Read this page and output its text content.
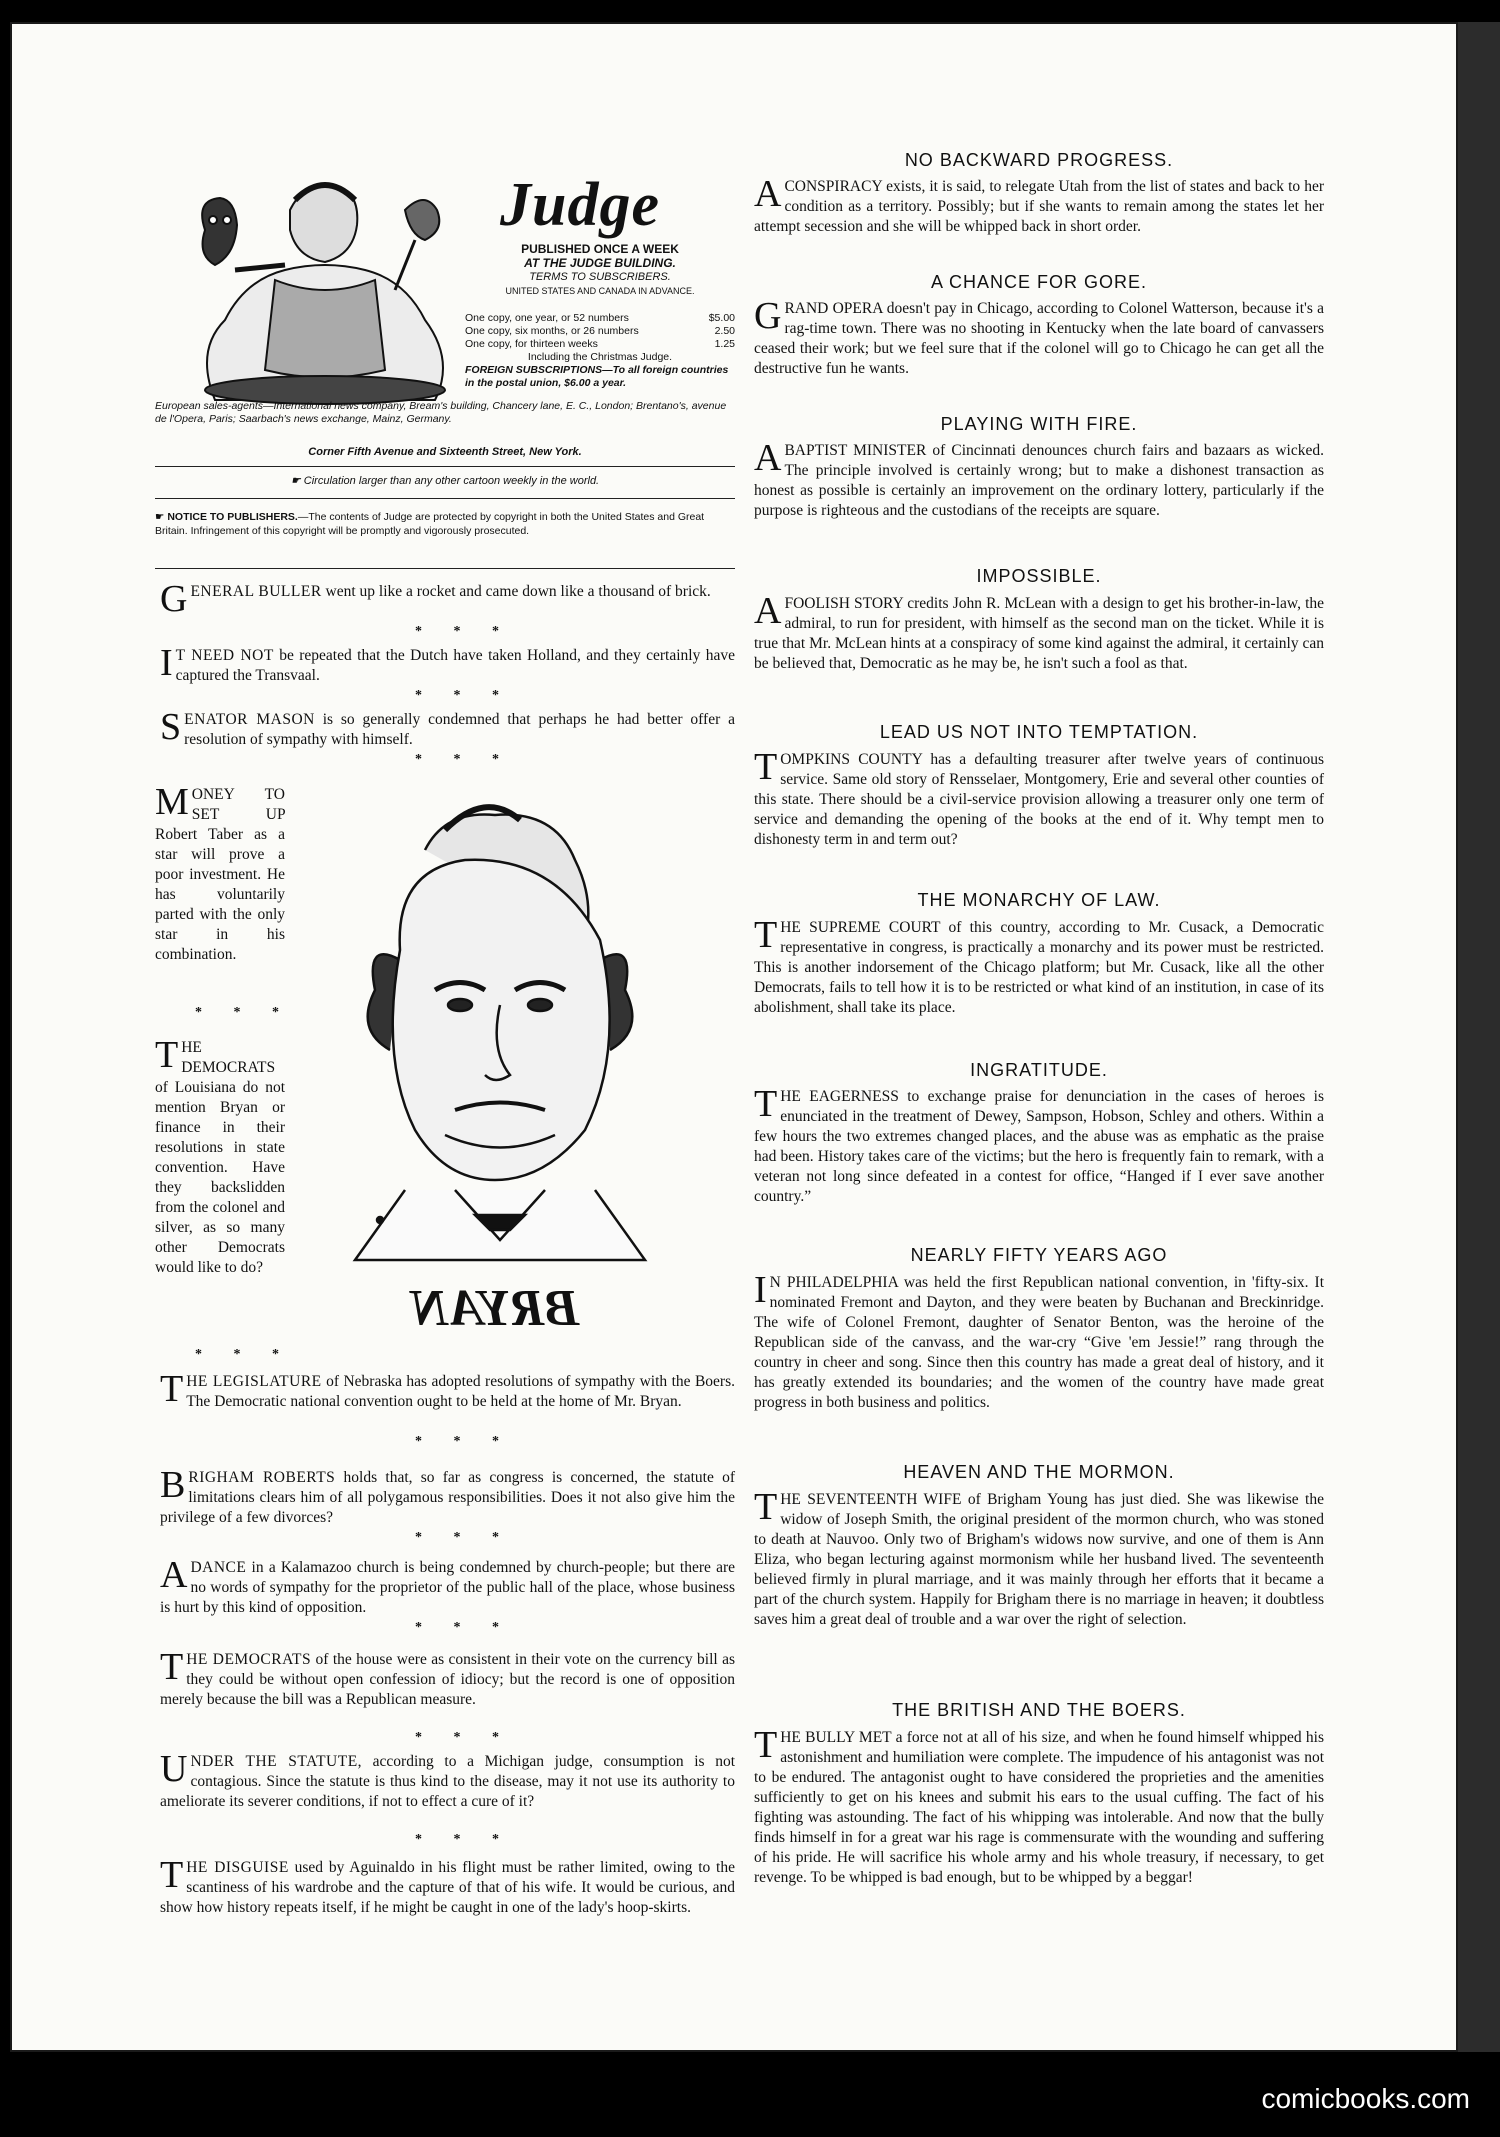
Judge
PUBLISHED ONCE A WEEK
AT THE JUDGE BUILDING.
TERMS TO SUBSCRIBERS.
UNITED STATES AND CANADA IN ADVANCE.
One copy, one year, or 52 numbers	$5.00
One copy, six months, or 26 numbers	2.50
One copy, for thirteen weeks	1.25
Including the Christmas Judge.
FOREIGN SUBSCRIPTIONS—To all foreign countries in the postal union, $6.00 a year.
European sales-agents—International news company, Bream's building, Chancery lane, E. C., London; Brentano's, avenue de l'Opera, Paris; Saarbach's news exchange, Mainz, Germany.
Corner Fifth Avenue and Sixteenth Street, New York.
☛ Circulation larger than any other cartoon weekly in the world.
☛ NOTICE TO PUBLISHERS.—The contents of Judge are protected by copyright in both the United States and Great Britain. Infringement of this copyright will be promptly and vigorously prosecuted.
GENERAL BULLER went up like a rocket and came down like a thousand of brick.
* * *
I T NEED NOT be repeated that the Dutch have taken Holland, and they certainly have captured the Transvaal.
* * *
SENATOR MASON is so generally condemned that perhaps he had better offer a resolution of sympathy with himself.
* * *
MONEY TO SET UP Robert Taber as a star will prove a poor investment. He has voluntarily parted with the only star in his combination.
* * *
THE DEMOCRATS of Louisiana do not mention Bryan or finance in their resolutions in state convention. Have they backslidden from the colonel and silver, as so many other Democrats would like to do?
* * *
BRYAN
THE LEGISLATURE of Nebraska has adopted resolutions of sympathy with the Boers. The Democratic national convention ought to be held at the home of Mr. Bryan.
* * *
BRIGHAM ROBERTS holds that, so far as congress is concerned, the statute of limitations clears him of all polygamous responsibilities. Does it not also give him the privilege of a few divorces?
* * *
A DANCE in a Kalamazoo church is being condemned by church-people; but there are no words of sympathy for the proprietor of the public hall of the place, whose business is hurt by this kind of opposition.
* * *
THE DEMOCRATS of the house were as consistent in their vote on the currency bill as they could be without open confession of idiocy; but the record is one of opposition merely because the bill was a Republican measure.
* * *
UNDER THE STATUTE, according to a Michigan judge, consumption is not contagious. Since the statute is thus kind to the disease, may it not use its authority to ameliorate its severer conditions, if not to effect a cure of it?
* * *
THE DISGUISE used by Aguinaldo in his flight must be rather limited, owing to the scantiness of his wardrobe and the capture of that of his wife. It would be curious, and show how history repeats itself, if he might be caught in one of the lady's hoop-skirts.
NO BACKWARD PROGRESS.
A CONSPIRACY exists, it is said, to relegate Utah from the list of states and back to her condition as a territory. Possibly; but if she wants to remain among the states let her attempt secession and she will be whipped back in short order.
A CHANCE FOR GORE.
GRAND OPERA doesn't pay in Chicago, according to Colonel Watterson, because it's a rag-time town. There was no shooting in Kentucky when the late board of canvassers ceased their work; but we feel sure that if the colonel will go to Chicago he can get all the destructive fun he wants.
PLAYING WITH FIRE.
A BAPTIST MINISTER of Cincinnati denounces church fairs and bazaars as wicked. The principle involved is certainly wrong; but to make a dishonest transaction as honest as possible is certainly an improvement on the ordinary lottery, particularly if the purpose is righteous and the custodians of the receipts are square.
IMPOSSIBLE.
A FOOLISH STORY credits John R. McLean with a design to get his brother-in-law, the admiral, to run for president, with himself as the second man on the ticket. While it is true that Mr. McLean hints at a conspiracy of some kind against the admiral, it certainly can be believed that, Democratic as he may be, he isn't such a fool as that.
LEAD US NOT INTO TEMPTATION.
TOMPKINS COUNTY has a defaulting treasurer after twelve years of continuous service. Same old story of Rensselaer, Montgomery, Erie and several other counties of this state. There should be a civil-service provision allowing a treasurer only one term of service and demanding the opening of the books at the end of it. Why tempt men to dishonesty term in and term out?
THE MONARCHY OF LAW.
THE SUPREME COURT of this country, according to Mr. Cusack, a Democratic representative in congress, is practically a monarchy and its power must be restricted. This is another indorsement of the Chicago platform; but Mr. Cusack, like all the other Democrats, fails to tell how it is to be restricted or what kind of an institution, in case of its abolishment, shall take its place.
INGRATITUDE.
THE EAGERNESS to exchange praise for denunciation in the cases of heroes is enunciated in the treatment of Dewey, Sampson, Hobson, Schley and others. Within a few hours the two extremes changed places, and the abuse was as emphatic as the praise had been. History takes care of the victims; but the hero is frequently fain to remark, with a veteran not long since defeated in a contest for office, “Hanged if I ever save another country.”
NEARLY FIFTY YEARS AGO
I N PHILADELPHIA was held the first Republican national convention, in 'fifty-six. It nominated Fremont and Dayton, and they were beaten by Buchanan and Breckinridge. The wife of Colonel Fremont, daughter of Senator Benton, was the heroine of the Republican side of the canvass, and the war-cry “Give 'em Jessie!” rang through the country in cheer and song. Since then this country has made a great deal of history, and it has greatly extended its boundaries; and the women of the country have made great progress in both business and politics.
HEAVEN AND THE MORMON.
THE SEVENTEENTH WIFE of Brigham Young has just died. She was likewise the widow of Joseph Smith, the original president of the mormon church, who was stoned to death at Nauvoo. Only two of Brigham's widows now survive, and one of them is Ann Eliza, who began lecturing against mormonism while her husband lived. The seventeenth believed firmly in plural marriage, and it was mainly through her efforts that it became a part of the church system. Happily for Brigham there is no marriage in heaven; it doubtless saves him a great deal of trouble and a war over the right of selection.
THE BRITISH AND THE BOERS.
THE BULLY MET a force not at all of his size, and when he found himself whipped his astonishment and humiliation were complete. The impudence of his antagonist was not to be endured. The antagonist ought to have considered the proprieties and the amenities sufficiently to get on his knees and submit his ears to the usual cuffing. The fact of his fighting was astounding. The fact of his whipping was intolerable. And now that the bully finds himself in for a great war his rage is commensurate with the wounding and suffering of his pride. He will sacrifice his whole army and his whole treasury, if necessary, to get revenge. To be whipped is bad enough, but to be whipped by a beggar!
comicbooks.com
